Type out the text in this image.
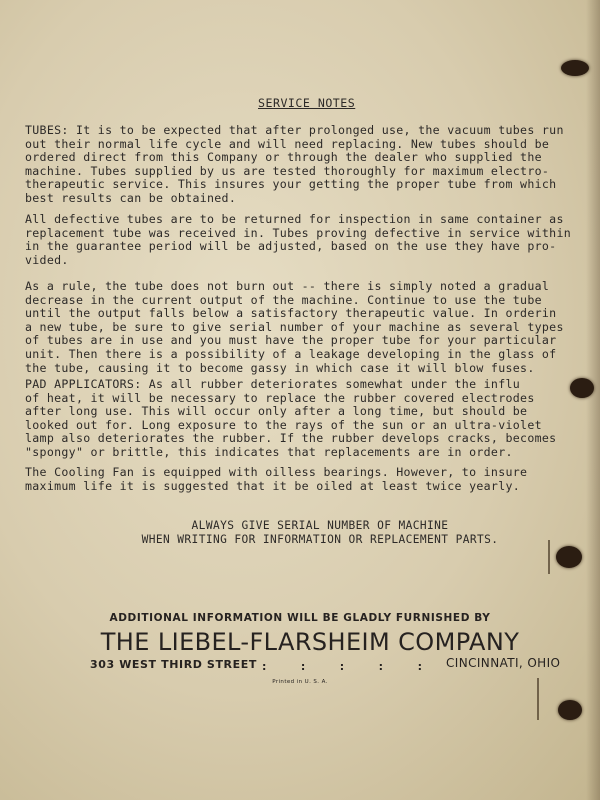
SERVICE NOTES

TUBES: It is to be expected that after prolonged use, the vacuum tubes run
out their normal life cycle and will need replacing. New tubes should be
ordered direct from this Company or through the dealer who supplied the
machine. Tubes supplied by us are tested thoroughly for maximum electro-
therapeutic service. This insures your getting the proper tube from which
best results can be obtained.

All defective tubes are to be returned for inspection in same container as
replacement tube was received in. Tubes proving defective in service within
in the guarantee period will be adjusted, based on the use they have pro-
vided.

As a rule, the tube does not burn out -- there is simply noted a gradual
decrease in the current output of the machine. Continue to use the tube
until the output falls below a satisfactory therapeutic value. In orderin
a new tube, be sure to give serial number of your machine as several types
of tubes are in use and you must have the proper tube for your particular
unit. Then there is a possibility of a leakage developing in the glass of
the tube, causing it to become gassy in which case it will blow fuses.

PAD APPLICATORS: As all rubber deteriorates somewhat under the influ
of heat, it will be necessary to replace the rubber covered electrodes
after long use. This will occur only after a long time, but should be
looked out for. Long exposure to the rays of the sun or an ultra-violet
lamp also deteriorates the rubber. If the rubber develops cracks, becomes
"spongy" or brittle, this indicates that replacements are in order.

The Cooling Fan is equipped with oilless bearings. However, to insure
maximum life it is suggested that it be oiled at least twice yearly.

ALWAYS GIVE SERIAL NUMBER OF MACHINE
WHEN WRITING FOR INFORMATION OR REPLACEMENT PARTS.
ADDITIONAL INFORMATION WILL BE GLADLY FURNISHED BY
THE LIEBEL-FLARSHEIM COMPANY
303 WEST THIRD STREET :	:	:	:	: CINCINNATI, OHIO
Printed in U. S. A.
